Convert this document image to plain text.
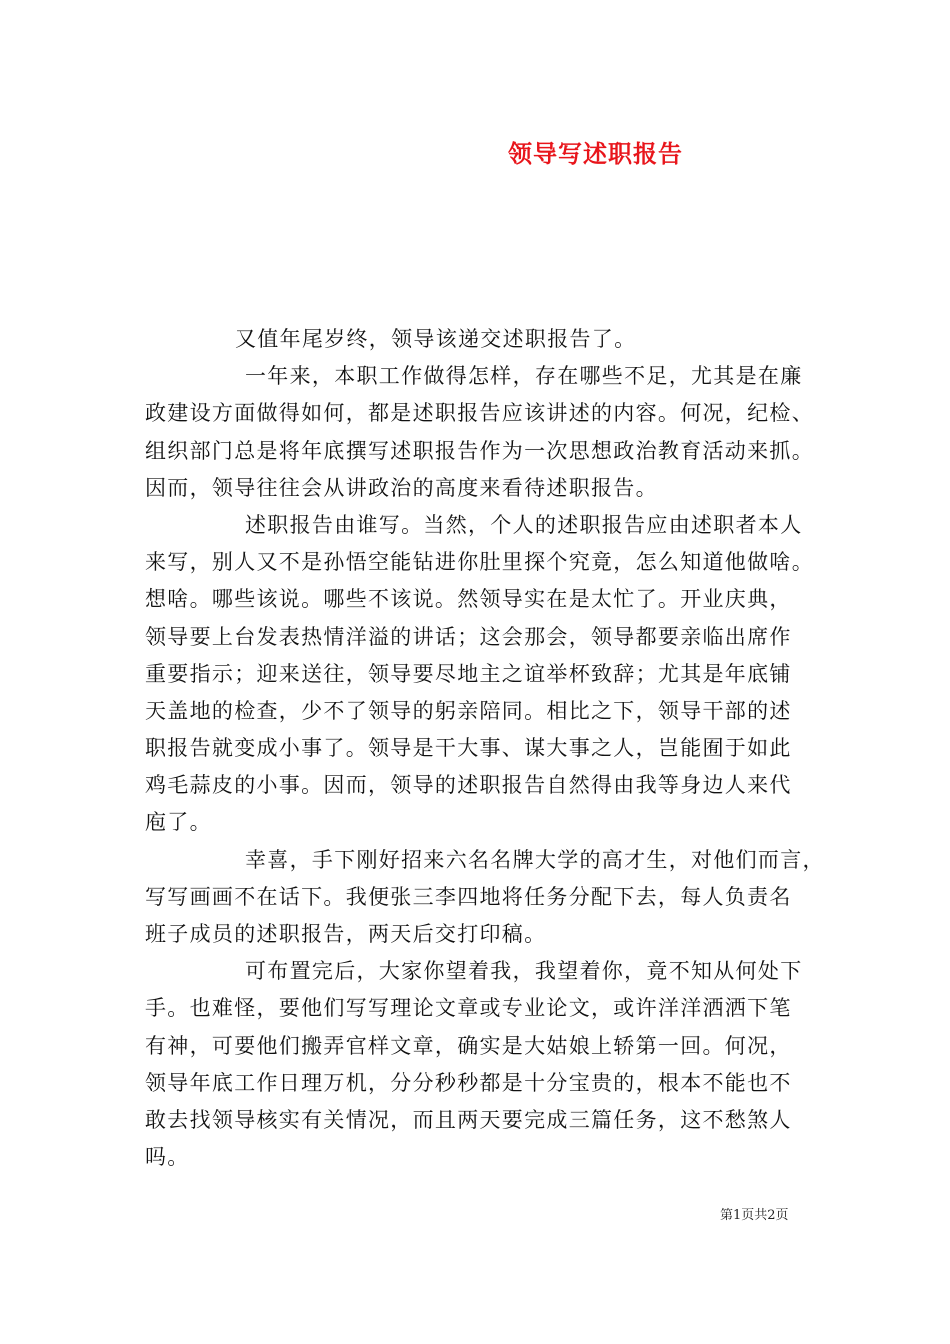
领导写述职报告
又值年尾岁终，领导该递交述职报告了。
一年来，本职工作做得怎样，存在哪些不足，尤其是在廉
政建设方面做得如何，都是述职报告应该讲述的内容。何况，纪检、
组织部门总是将年底撰写述职报告作为一次思想政治教育活动来抓。
因而，领导往往会从讲政治的高度来看待述职报告。
述职报告由谁写。当然，个人的述职报告应由述职者本人
来写，别人又不是孙悟空能钻进你肚里探个究竟，怎么知道他做啥。
想啥。哪些该说。哪些不该说。然领导实在是太忙了。开业庆典，
领导要上台发表热情洋溢的讲话；这会那会，领导都要亲临出席作
重要指示；迎来送往，领导要尽地主之谊举杯致辞；尤其是年底铺
天盖地的检查，少不了领导的躬亲陪同。相比之下，领导干部的述
职报告就变成小事了。领导是干大事、谋大事之人，岂能囿于如此
鸡毛蒜皮的小事。因而，领导的述职报告自然得由我等身边人来代
庖了。
幸喜，手下刚好招来六名名牌大学的高才生，对他们而言，
写写画画不在话下。我便张三李四地将任务分配下去，每人负责名
班子成员的述职报告，两天后交打印稿。
可布置完后，大家你望着我，我望着你，竟不知从何处下
手。也难怪，要他们写写理论文章或专业论文，或许洋洋洒洒下笔
有神，可要他们搬弄官样文章，确实是大姑娘上轿第一回。何况，
领导年底工作日理万机，分分秒秒都是十分宝贵的，根本不能也不
敢去找领导核实有关情况，而且两天要完成三篇任务，这不愁煞人
吗。
第1页共2页
